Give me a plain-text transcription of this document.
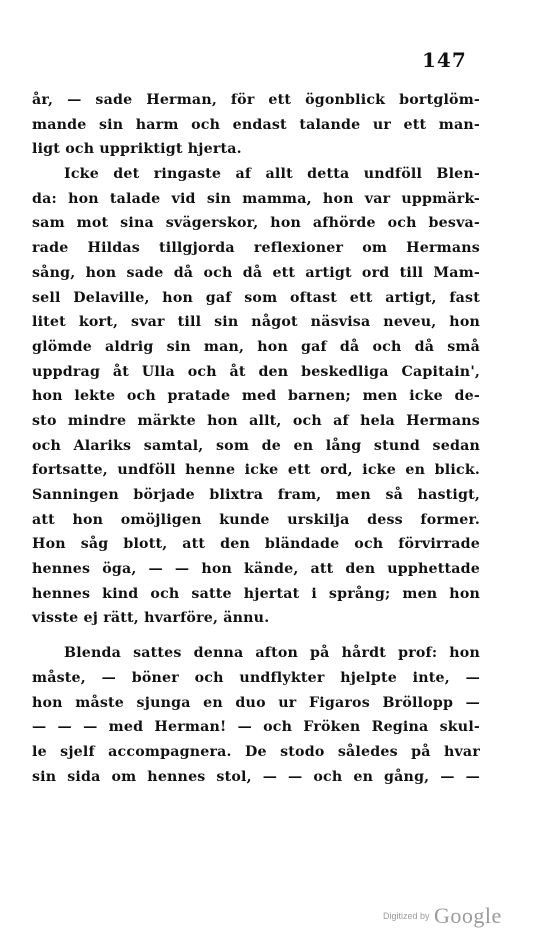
147
år, — sade Herman, för ett ögonblick bortglöm-
mande sin harm och endast talande ur ett man-
ligt och uppriktigt hjerta.
Icke det ringaste af allt detta undföll Blen-
da: hon talade vid sin mamma, hon var uppmärk-
sam mot sina svägerskor, hon afhörde och besva-
rade Hildas tillgjorda reflexioner om Hermans
sång, hon sade då och då ett artigt ord till Mam-
sell Delaville, hon gaf som oftast ett artigt, fast
litet kort, svar till sin något näsvisa neveu, hon
glömde aldrig sin man, hon gaf då och då små
uppdrag åt Ulla och åt den beskedliga Capitain',
hon lekte och pratade med barnen; men icke de-
sto mindre märkte hon allt, och af hela Hermans
och Alariks samtal, som de en lång stund sedan
fortsatte, undföll henne icke ett ord, icke en blick.
Sanningen började blixtra fram, men så hastigt,
att hon omöjligen kunde urskilja dess former.
Hon såg blott, att den bländade och förvirrade
hennes öga, — — hon kände, att den upphettade
hennes kind och satte hjertat i språng; men hon
visste ej rätt, hvarföre, ännu.
Blenda sattes denna afton på hårdt prof: hon
måste, — böner och undflykter hjelpte inte, —
hon måste sjunga en duo ur Figaros Bröllopp —
— — — med Herman! — och Fröken Regina skul-
le sjelf accompagnera. De stodo således på hvar
sin sida om hennes stol, — — och en gång, — —
Digitized by Google
